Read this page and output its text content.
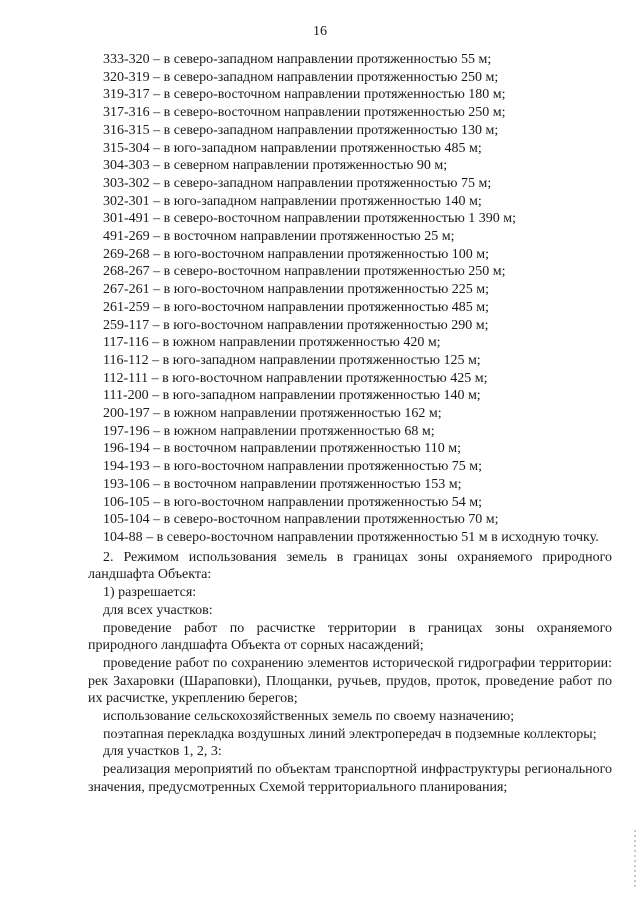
16
333-320 – в северо-западном направлении протяженностью 55 м;
320-319 – в северо-западном направлении протяженностью 250 м;
319-317 – в северо-восточном направлении протяженностью 180 м;
317-316 – в северо-восточном направлении протяженностью 250 м;
316-315 – в северо-западном направлении протяженностью 130 м;
315-304 – в юго-западном направлении протяженностью 485 м;
304-303 – в северном направлении протяженностью 90 м;
303-302 – в северо-западном направлении протяженностью 75 м;
302-301 – в юго-западном направлении протяженностью 140 м;
301-491 – в северо-восточном направлении протяженностью 1 390 м;
491-269 – в восточном направлении протяженностью 25 м;
269-268 – в юго-восточном направлении протяженностью 100 м;
268-267 – в северо-восточном направлении протяженностью 250 м;
267-261 – в юго-восточном направлении протяженностью 225 м;
261-259 – в юго-восточном направлении протяженностью 485 м;
259-117 – в юго-восточном направлении протяженностью 290 м;
117-116 – в южном направлении протяженностью 420 м;
116-112 – в юго-западном направлении протяженностью 125 м;
112-111 – в юго-восточном направлении протяженностью 425 м;
111-200 – в юго-западном направлении протяженностью 140 м;
200-197 – в южном направлении протяженностью 162 м;
197-196 – в южном направлении протяженностью 68 м;
196-194 – в восточном направлении протяженностью 110 м;
194-193 – в юго-восточном направлении протяженностью 75 м;
193-106 – в восточном направлении протяженностью 153 м;
106-105 – в юго-восточном направлении протяженностью 54 м;
105-104 – в северо-восточном направлении протяженностью 70 м;
104-88 – в северо-восточном направлении протяженностью 51 м в исходную точку.
2. Режимом использования земель в границах зоны охраняемого природного ландшафта Объекта:
1) разрешается:
для всех участков:
проведение работ по расчистке территории в границах зоны охраняемого природного ландшафта Объекта от сорных насаждений;
проведение работ по сохранению элементов исторической гидрографии территории: рек Захаровки (Шараповки), Площанки, ручьев, прудов, проток, проведение работ по их расчистке, укреплению берегов;
использование сельскохозяйственных земель по своему назначению;
поэтапная перекладка воздушных линий электропередач в подземные коллекторы;
для участков 1, 2, 3:
реализация мероприятий по объектам транспортной инфраструктуры регионального значения, предусмотренных Схемой территориального планирования;
